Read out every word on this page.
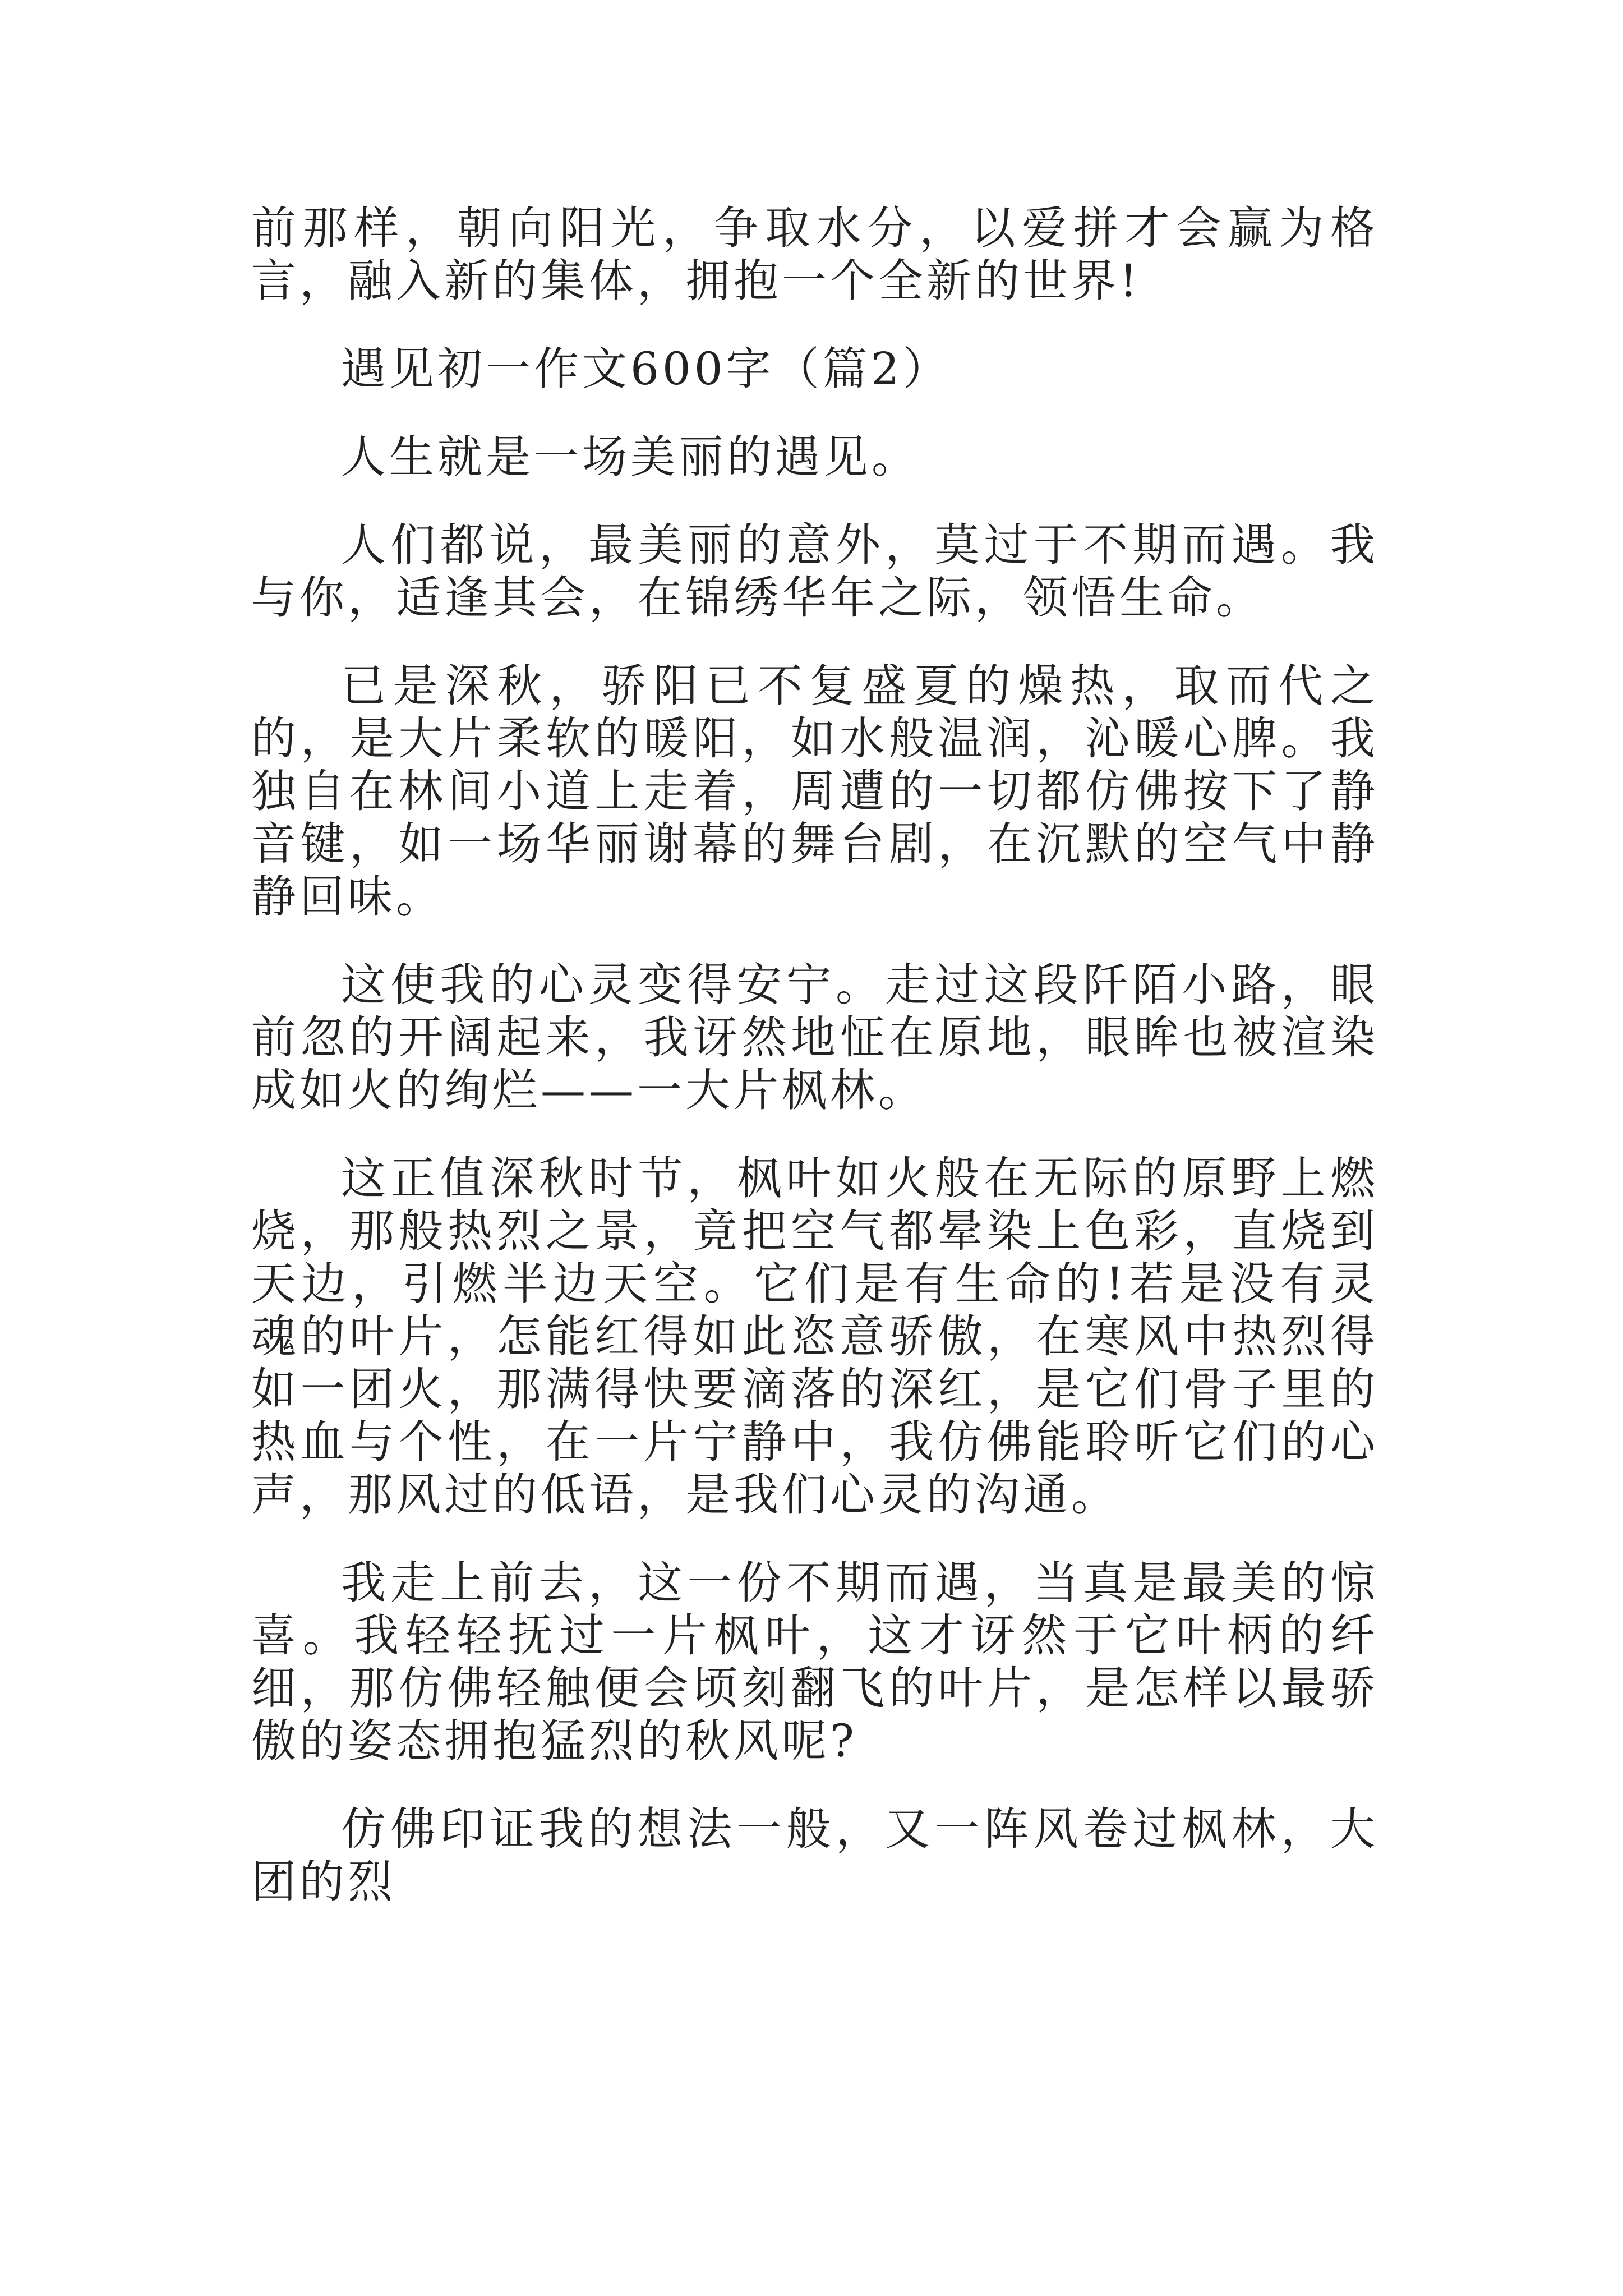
前那样，朝向阳光，争取水分，以爱拼才会赢为格言，融入新的集体，拥抱一个全新的世界!

遇见初一作文600字（篇2）

人生就是一场美丽的遇见。

人们都说，最美丽的意外，莫过于不期而遇。我与你，适逢其会，在锦绣华年之际，领悟生命。

已是深秋，骄阳已不复盛夏的燥热，取而代之的，是大片柔软的暖阳，如水般温润，沁暖心脾。我独自在林间小道上走着，周遭的一切都仿佛按下了静音键，如一场华丽谢幕的舞台剧，在沉默的空气中静静回味。

这使我的心灵变得安宁。走过这段阡陌小路，眼前忽的开阔起来，我讶然地怔在原地，眼眸也被渲染成如火的绚烂——一大片枫林。

这正值深秋时节，枫叶如火般在无际的原野上燃烧，那般热烈之景，竟把空气都晕染上色彩，直烧到天边，引燃半边天空。它们是有生命的!若是没有灵魂的叶片，怎能红得如此恣意骄傲，在寒风中热烈得如一团火，那满得快要滴落的深红，是它们骨子里的热血与个性，在一片宁静中，我仿佛能聆听它们的心声，那风过的低语，是我们心灵的沟通。

我走上前去，这一份不期而遇，当真是最美的惊喜。我轻轻抚过一片枫叶，这才讶然于它叶柄的纤细，那仿佛轻触便会顷刻翻飞的叶片，是怎样以最骄傲的姿态拥抱猛烈的秋风呢?

仿佛印证我的想法一般，又一阵风卷过枫林，大团的烈
